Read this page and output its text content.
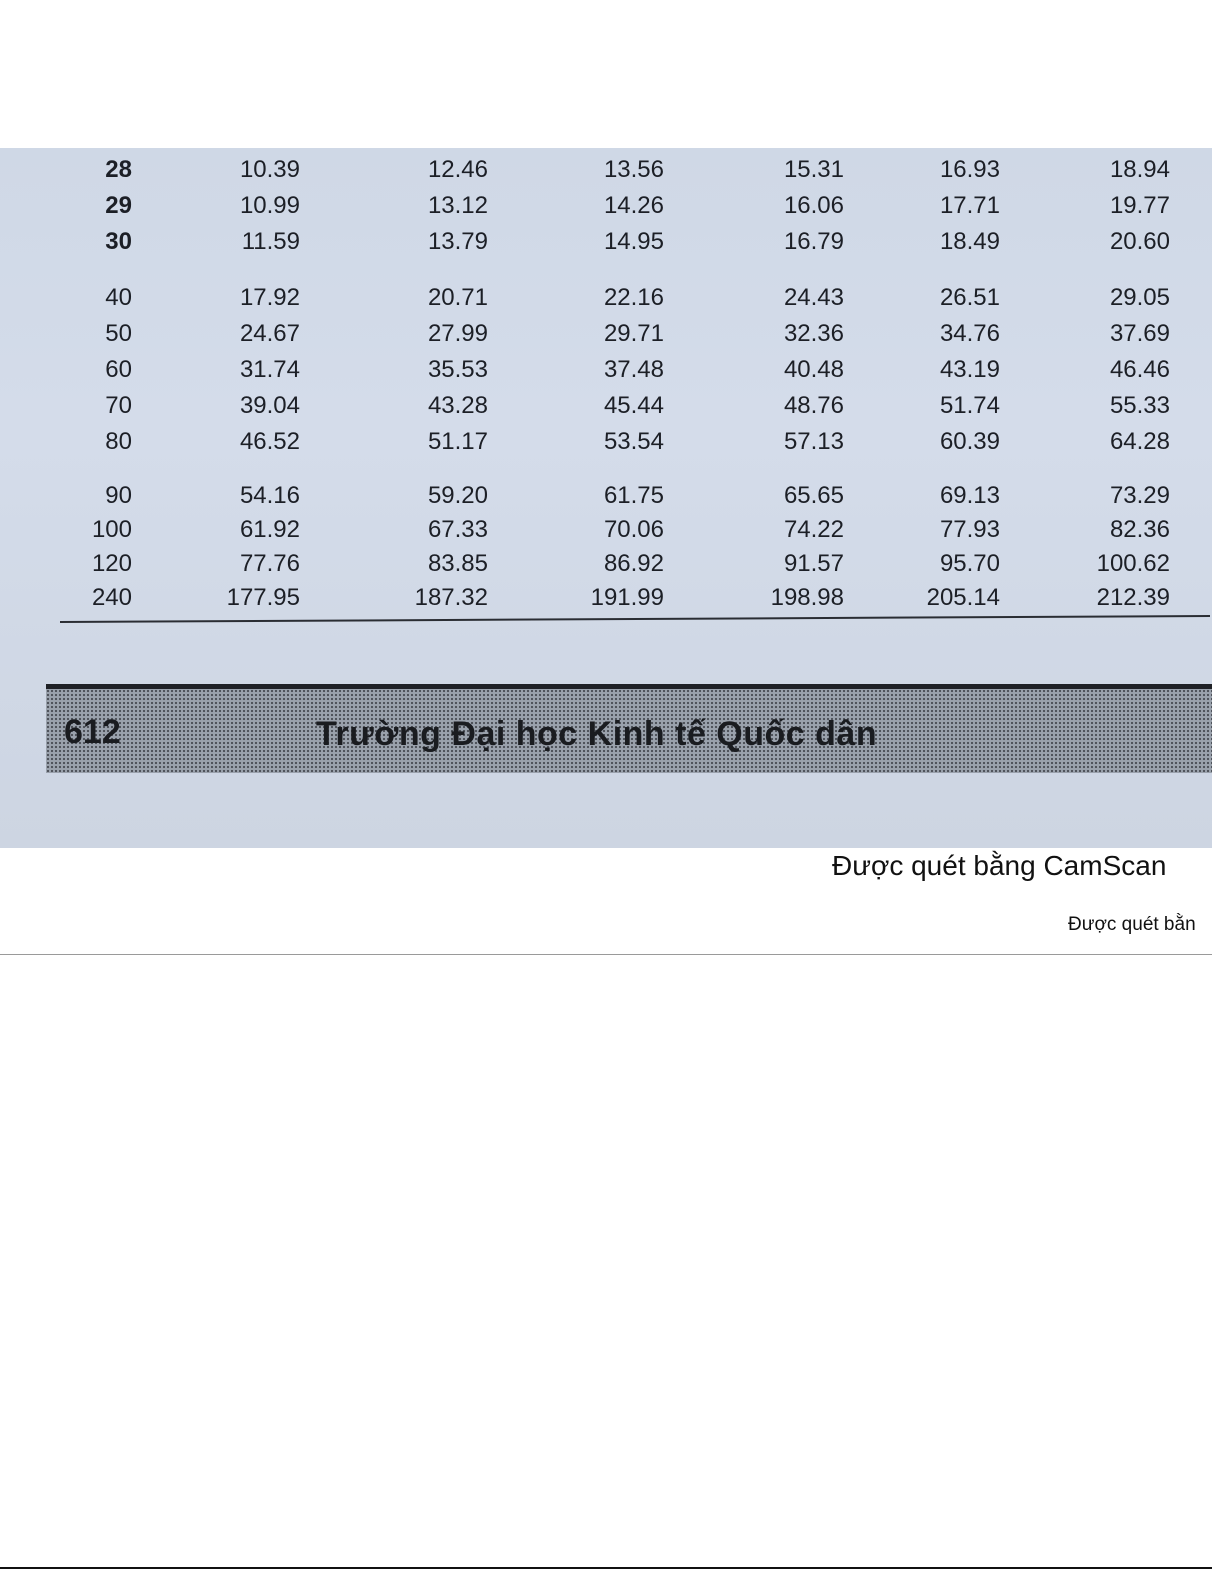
28	10.39	12.46	13.56	15.31	16.93	18.94
29	10.99	13.12	14.26	16.06	17.71	19.77
30	11.59	13.79	14.95	16.79	18.49	20.60
40	17.92	20.71	22.16	24.43	26.51	29.05
50	24.67	27.99	29.71	32.36	34.76	37.69
60	31.74	35.53	37.48	40.48	43.19	46.46
70	39.04	43.28	45.44	48.76	51.74	55.33
80	46.52	51.17	53.54	57.13	60.39	64.28
90	54.16	59.20	61.75	65.65	69.13	73.29
100	61.92	67.33	70.06	74.22	77.93	82.36
120	77.76	83.85	86.92	91.57	95.70	100.62
240	177.95	187.32	191.99	198.98	205.14	212.39
612	Trường Đại học Kinh tế Quốc dân
Được quét bằng CamScan
Được quét bằn
